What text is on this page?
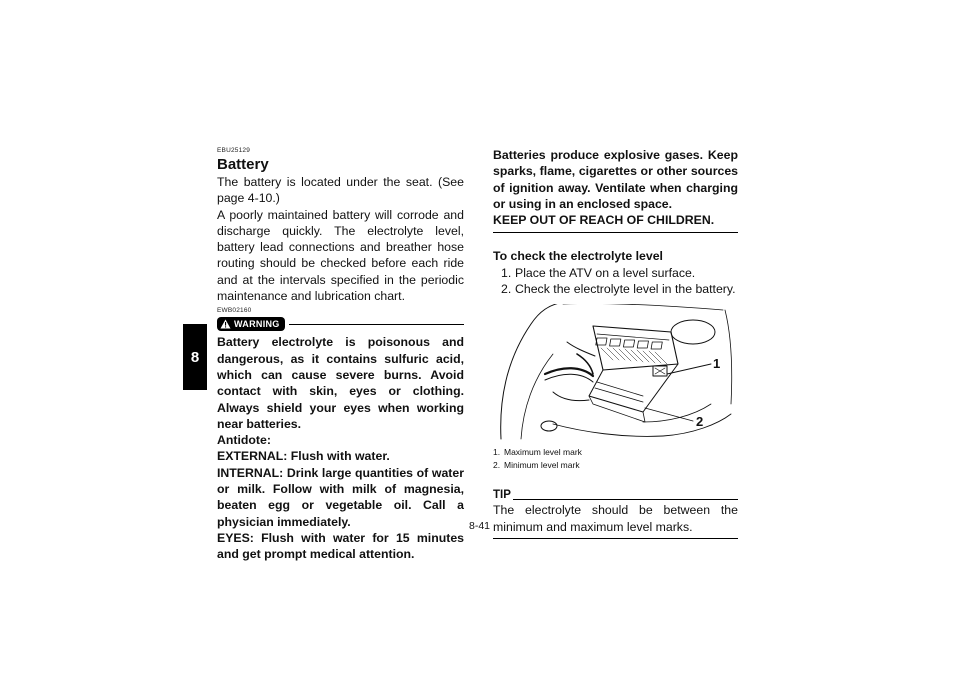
8
EBU25129
Battery

The battery is located under the seat. (See page 4-10.)

A poorly maintained battery will corrode and discharge quickly. The electrolyte level, battery lead connections and breather hose routing should be checked before each ride and at the intervals specified in the periodic maintenance and lubrication chart.

EWB02160
WARNING

Battery electrolyte is poisonous and dangerous, as it contains sulfuric acid, which can cause severe burns. Avoid contact with skin, eyes or clothing. Always shield your eyes when working near batteries.

Antidote:

EXTERNAL: Flush with water.

INTERNAL: Drink large quantities of water or milk. Follow with milk of magnesia, beaten egg or vegetable oil. Call a physician immediately.

EYES: Flush with water for 15 minutes and get prompt medical attention.

Batteries produce explosive gases. Keep sparks, flame, cigarettes or other sources of ignition away. Ventilate when charging or using in an enclosed space.

KEEP OUT OF REACH OF CHILDREN.

To check the electrolyte level

1. Place the ATV on a level surface.
2. Check the electrolyte level in the battery.
1
2
1. Maximum level mark
2. Minimum level mark
TIP

The electrolyte should be between the minimum and maximum level marks.

8-41
